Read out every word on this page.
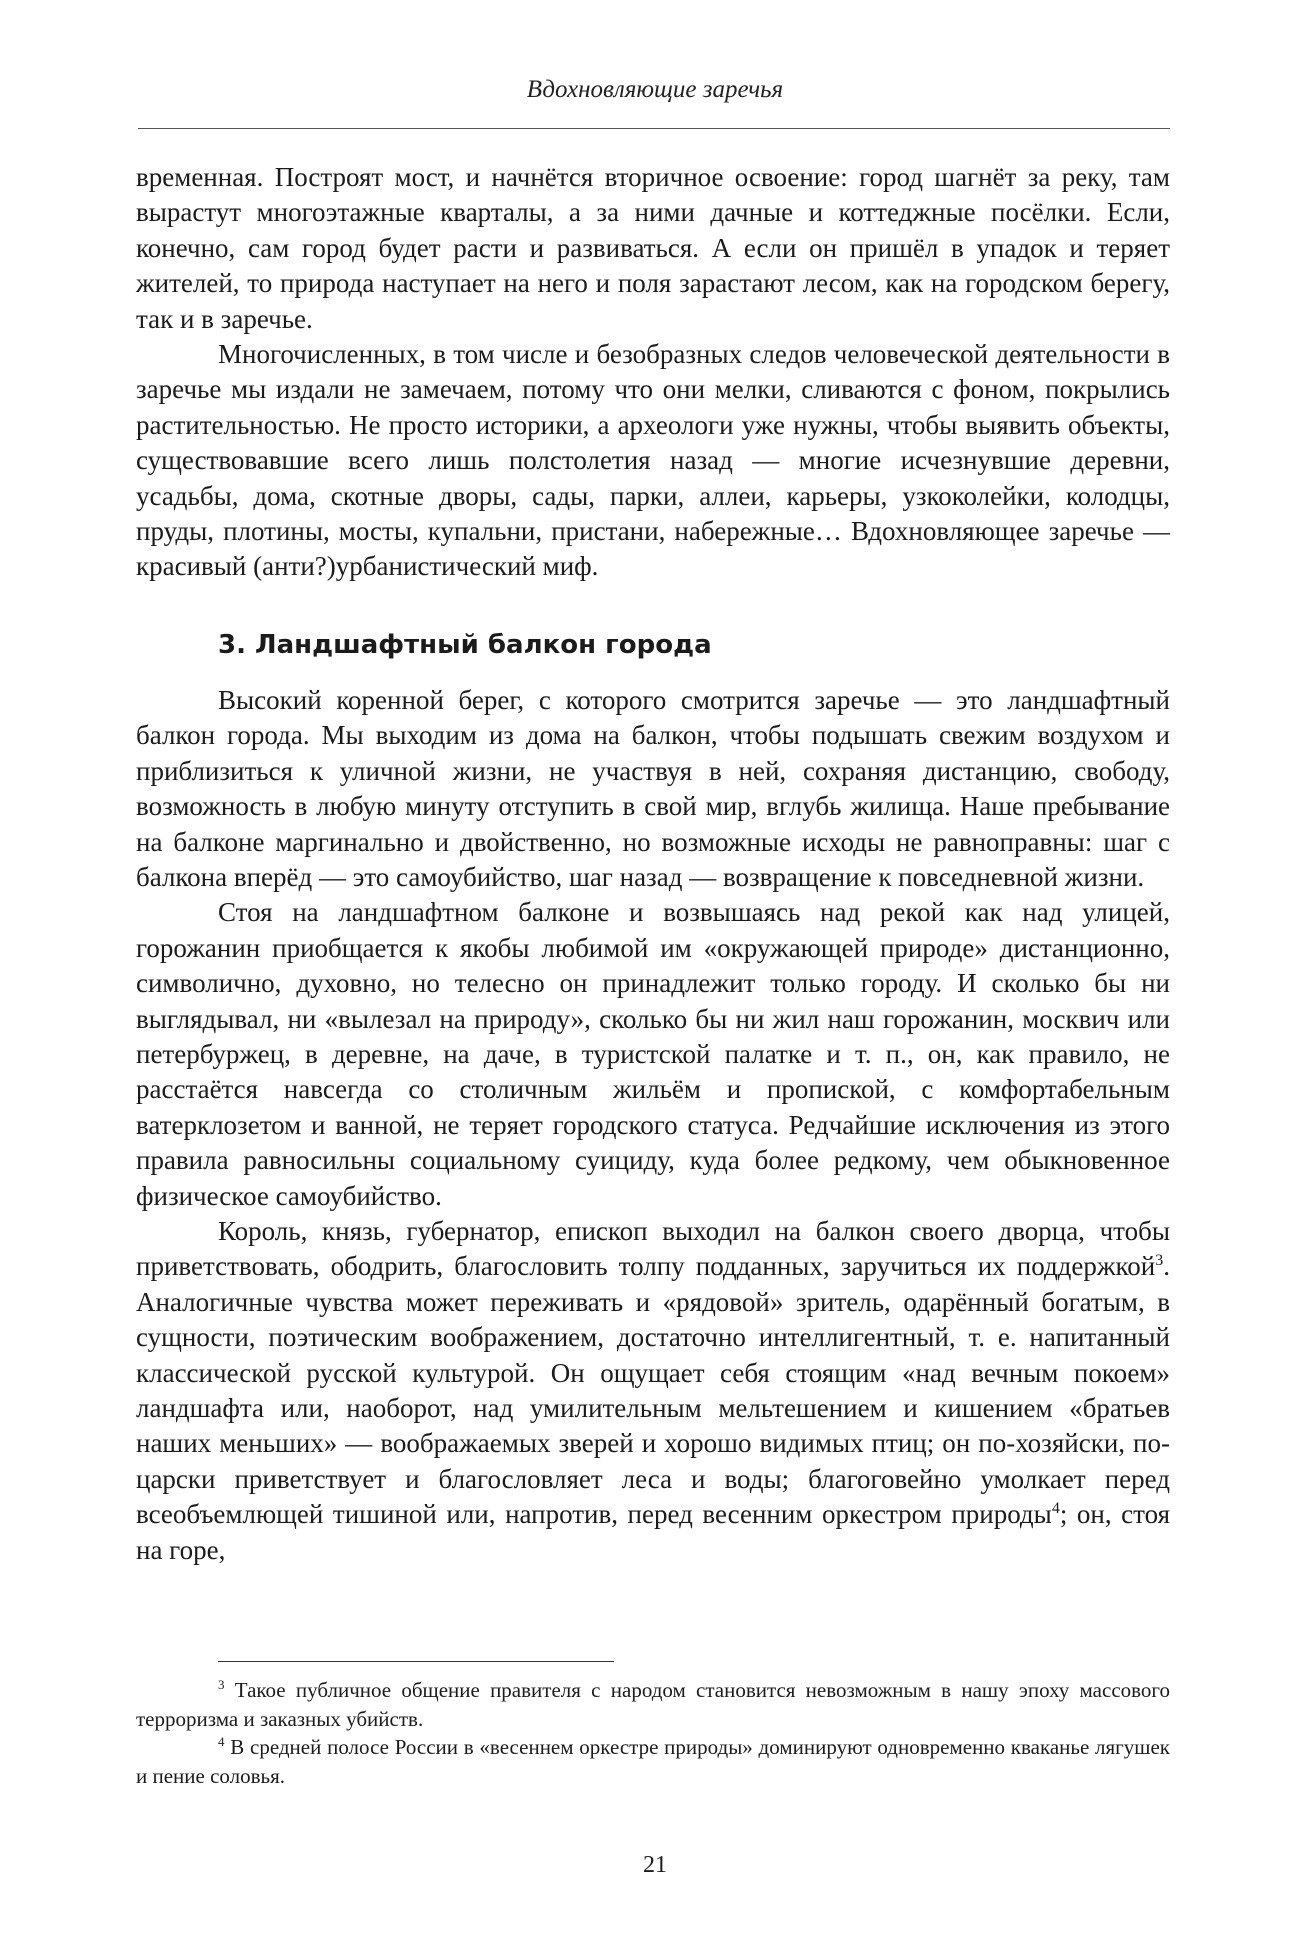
Вдохновляющие заречья

временная. Построят мост, и начнётся вторичное освоение: город шагнёт за реку, там вырастут многоэтажные кварталы, а за ними дачные и коттеджные посёлки. Если, конечно, сам город будет расти и развиваться. А если он пришёл в упадок и теряет жителей, то природа наступает на него и поля зарастают лесом, как на городском берегу, так и в заречье.

Многочисленных, в том числе и безобразных следов человеческой деятельности в заречье мы издали не замечаем, потому что они мелки, сливаются с фоном, покрылись растительностью. Не просто историки, а археологи уже нужны, чтобы выявить объекты, существовавшие всего лишь полстолетия назад — многие исчезнувшие деревни, усадьбы, дома, скотные дворы, сады, парки, аллеи, карьеры, узкоколейки, колодцы, пруды, плотины, мосты, купальни, пристани, набережные… Вдохновляющее заречье — красивый (анти?)урбанистический миф.

3. Ландшафтный балкон города

Высокий коренной берег, с которого смотрится заречье — это ландшафтный балкон города. Мы выходим из дома на балкон, чтобы подышать свежим воздухом и приблизиться к уличной жизни, не участвуя в ней, сохраняя дистанцию, свободу, возможность в любую минуту отступить в свой мир, вглубь жилища. Наше пребывание на балконе маргинально и двойственно, но возможные исходы не равноправны: шаг с балкона вперёд — это самоубийство, шаг назад — возвращение к повседневной жизни.

Стоя на ландшафтном балконе и возвышаясь над рекой как над улицей, горожанин приобщается к якобы любимой им «окружающей природе» дистанционно, символично, духовно, но телесно он принадлежит только городу. И сколько бы ни выглядывал, ни «вылезал на природу», сколько бы ни жил наш горожанин, москвич или петербуржец, в деревне, на даче, в туристской палатке и т. п., он, как правило, не расстаётся навсегда со столичным жильём и пропиской, с комфортабельным ватерклозетом и ванной, не теряет городского статуса. Редчайшие исключения из этого правила равносильны социальному суициду, куда более редкому, чем обыкновенное физическое самоубийство.

Король, князь, губернатор, епископ выходил на балкон своего дворца, чтобы приветствовать, ободрить, благословить толпу подданных, заручиться их поддержкой$^3$. Аналогичные чувства может переживать и «рядовой» зритель, одарённый богатым, в сущности, поэтическим воображением, достаточно интеллигентный, т. е. напитанный классической русской культурой. Он ощущает себя стоящим «над вечным покоем» ландшафта или, наоборот, над умилительным мельтешением и кишением «братьев наших меньших» — воображаемых зверей и хорошо видимых птиц; он по-хозяйски, по-царски приветствует и благословляет леса и воды; благоговейно умолкает перед всеобъемлющей тишиной или, напротив, перед весенним оркестром природы$^4$; он, стоя на горе,

$^3$ Такое публичное общение правителя с народом становится невозможным в нашу эпоху массового терроризма и заказных убийств.

$^4$ В средней полосе России в «весеннем оркестре природы» доминируют одновременно кваканье лягушек и пение соловья.

21
